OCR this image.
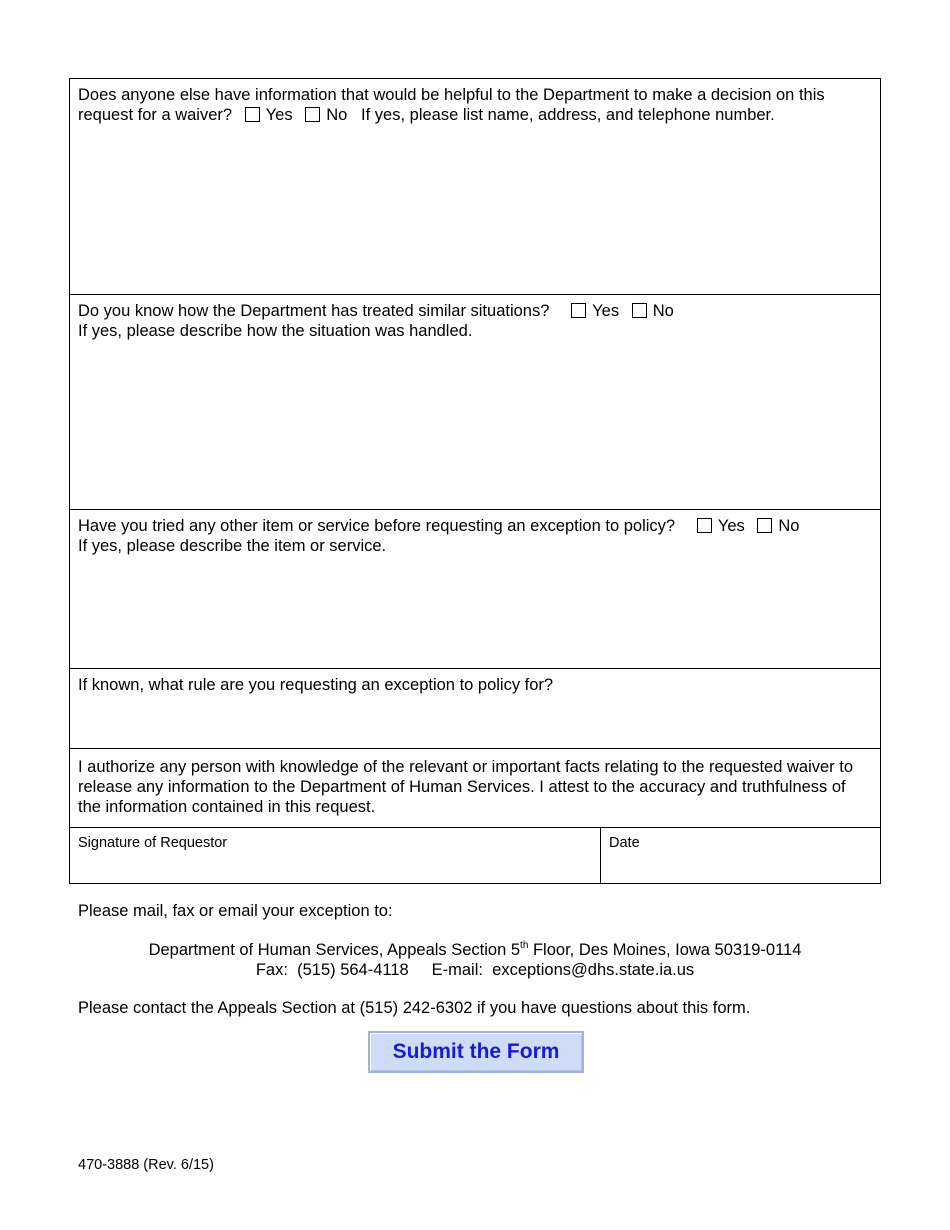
Does anyone else have information that would be helpful to the Department to make a decision on this request for a waiver? Yes No If yes, please list name, address, and telephone number.
Do you know how the Department has treated similar situations?	Yes No
If yes, please describe how the situation was handled.
Have you tried any other item or service before requesting an exception to policy?	Yes No
If yes, please describe the item or service.
If known, what rule are you requesting an exception to policy for?
I authorize any person with knowledge of the relevant or important facts relating to the requested waiver to release any information to the Department of Human Services. I attest to the accuracy and truthfulness of the information contained in this request.
Signature of Requestor	Date
Please mail, fax or email your exception to:
Department of Human Services, Appeals Section 5th Floor, Des Moines, Iowa 50319-0114
Fax: (515) 564-4118 E-mail: exceptions@dhs.state.ia.us
Please contact the Appeals Section at (515) 242-6302 if you have questions about this form.
Submit the Form
470-3888 (Rev. 6/15)
